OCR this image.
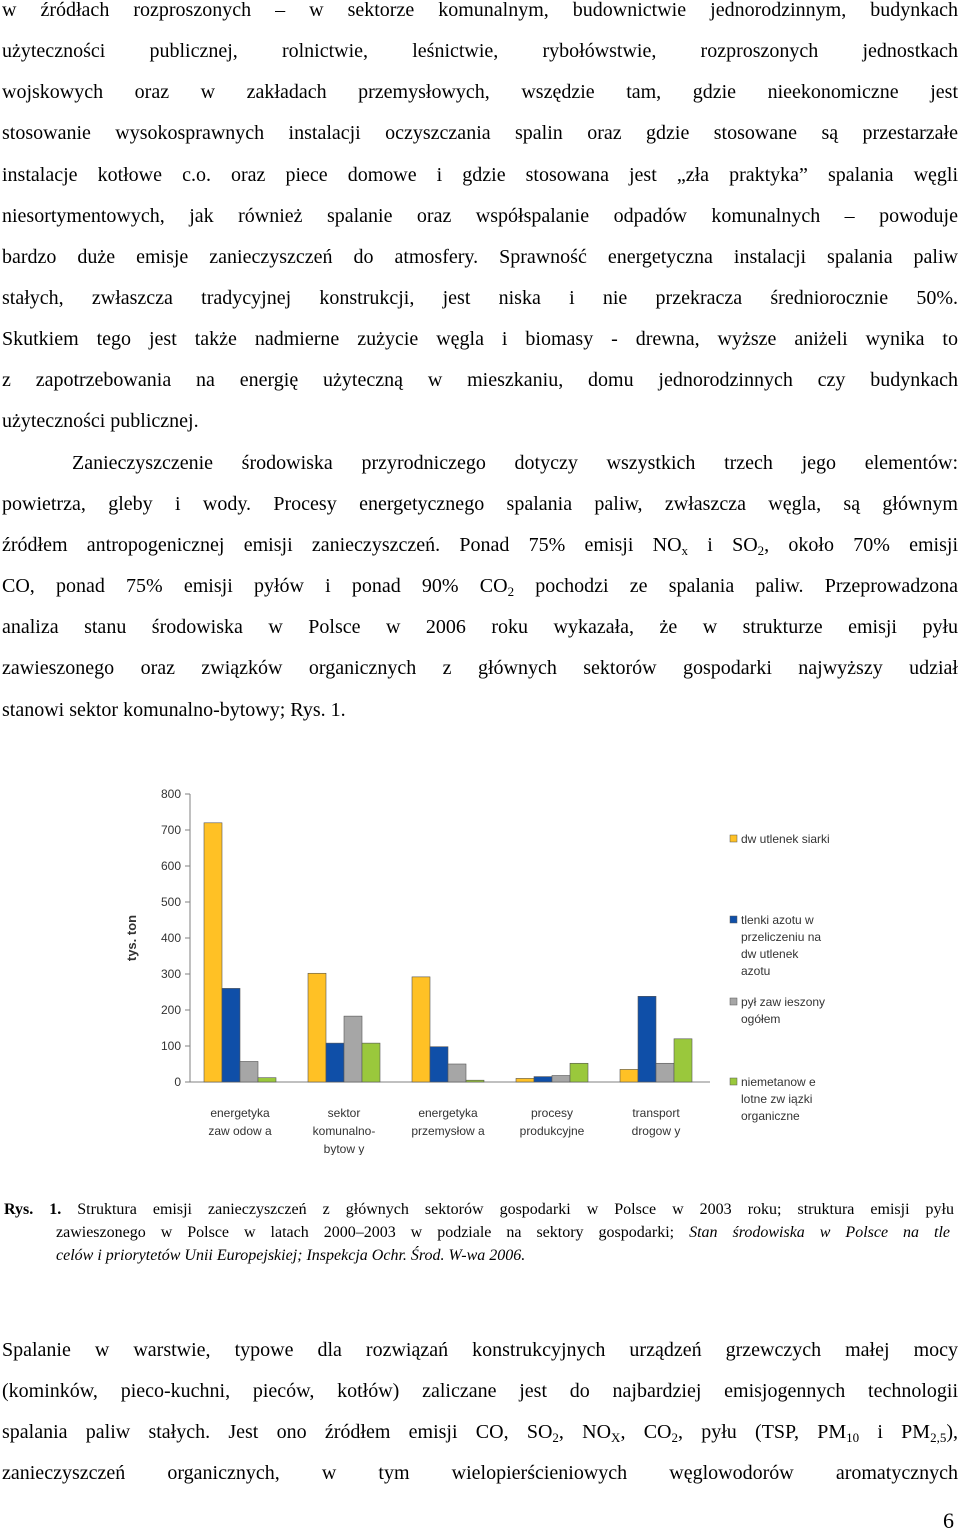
w źródłach rozproszonych – w sektorze komunalnym, budownictwie jednorodzinnym, budynkach
użyteczności publicznej, rolnictwie, leśnictwie, rybołówstwie, rozproszonych jednostkach
wojskowych oraz w zakładach przemysłowych, wszędzie tam, gdzie nieekonomiczne jest
stosowanie wysokosprawnych instalacji oczyszczania spalin oraz gdzie stosowane są przestarzałe
instalacje kotłowe c.o. oraz piece domowe i gdzie stosowana jest „zła praktyka” spalania węgli
niesortymentowych, jak również spalanie oraz współspalanie odpadów komunalnych – powoduje
bardzo duże emisje zanieczyszczeń do atmosfery. Sprawność energetyczna instalacji spalania paliw
stałych, zwłaszcza tradycyjnej konstrukcji, jest niska i nie przekracza średniorocznie 50%.
Skutkiem tego jest także nadmierne zużycie węgla i biomasy - drewna, wyższe aniżeli wynika to
z zapotrzebowania na energię użyteczną w mieszkaniu, domu jednorodzinnych czy budynkach
użyteczności publicznej.
Zanieczyszczenie środowiska przyrodniczego dotyczy wszystkich trzech jego elementów:
powietrza, gleby i wody. Procesy energetycznego spalania paliw, zwłaszcza węgla, są głównym
źródłem antropogenicznej emisji zanieczyszczeń. Ponad 75% emisji $NO_x$ i $SO_2$, około 70% emisji
CO, ponad 75% emisji pyłów i ponad 90% $CO_2$ pochodzi ze spalania paliw. Przeprowadzona
analiza stanu środowiska w Polsce w 2006 roku wykazała, że w strukturze emisji pyłu
zawieszonego oraz związków organicznych z głównych sektorów gospodarki najwyższy udział
stanowi sektor komunalno-bytowy; Rys. 1.
0
100
200
300
400
500
600
700
800
tys. ton
energetyka
zaw odow a
sektor
komunalno-
bytow y
energetyka
przemysłow a
procesy
produkcyjne
transport
drogow y
dw utlenek siarki
tlenki azotu w
przeliczeniu na
dw utlenek
azotu
pył zaw ieszony
ogółem
niemetanow e
lotne zw iązki
organiczne
Rys. 1. Struktura emisji zanieczyszczeń z głównych sektorów gospodarki w Polsce w 2003 roku; struktura emisji pyłu
zawieszonego w Polsce w latach 2000–2003 w podziale na sektory gospodarki; Stan środowiska w Polsce na tle
celów i priorytetów Unii Europejskiej; Inspekcja Ochr. Środ. W-wa 2006.
Spalanie w warstwie, typowe dla rozwiązań konstrukcyjnych urządzeń grzewczych małej mocy
(kominków, pieco-kuchni, pieców, kotłów) zaliczane jest do najbardziej emisjogennych technologii
spalania paliw stałych. Jest ono źródłem emisji CO, $SO_2$, $NO_X$, $CO_2$, pyłu (TSP, $PM_{10}$ i $PM_{2,5}$),
zanieczyszczeń organicznych, w tym wielopierścieniowych węglowodorów aromatycznych
6
